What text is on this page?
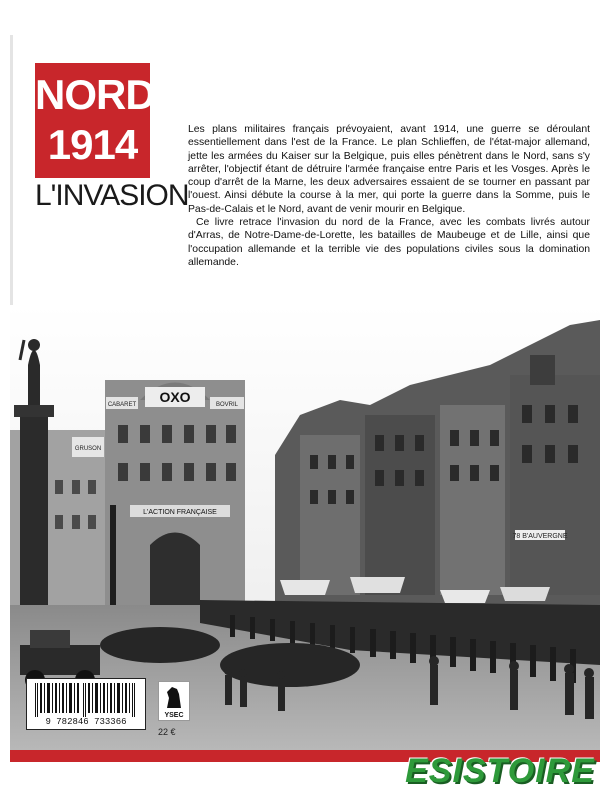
NORD
1914
L'INVASION

Les plans militaires français prévoyaient, avant 1914, une guerre se déroulant essentiellement dans l'est de la France. Le plan Schlieffen, de l'état-major allemand, jette les armées du Kaiser sur la Belgique, puis elles pénètrent dans le Nord, sans s'y arrêter, l'objectif étant de détruire l'armée française entre Paris et les Vosges. Après le coup d'arrêt de la Marne, les deux adversaires essaient de se tourner en passant par l'ouest. Ainsi débute la course à la mer, qui porte la guerre dans la Somme, puis le Pas-de-Calais et le Nord, avant de venir mourir en Belgique.

Ce livre retrace l'invasion du nord de la France, avec les combats livrés autour d'Arras, de Notre-Dame-de-Lorette, les batailles de Maubeuge et de Lille, ainsi que l'occupation allemande et la terrible vie des populations civiles sous la domination allemande.

78 B'AUVERGNE
OXO
CABARET	BOVRIL
L'ACTION FRANÇAISE
GRUSON
9 782846 733366
YSEC
22 €
ESISTOIRE
